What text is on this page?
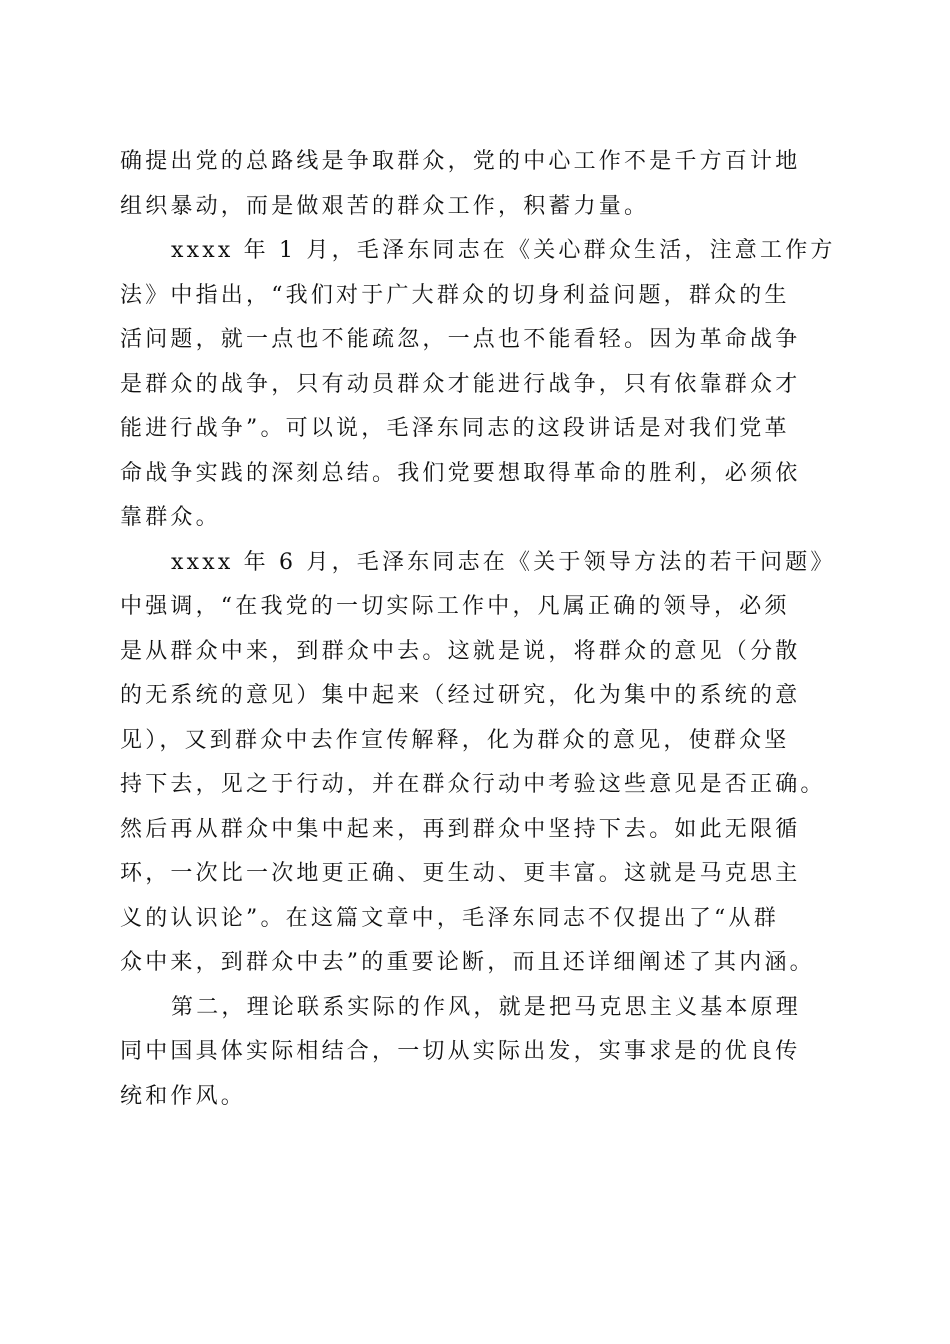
确提出党的总路线是争取群众，党的中心工作不是千方百计地
组织暴动，而是做艰苦的群众工作，积蓄力量。
xxxx 年 1 月，毛泽东同志在《关心群众生活，注意工作方
法》中指出，“我们对于广大群众的切身利益问题，群众的生
活问题，就一点也不能疏忽，一点也不能看轻。因为革命战争
是群众的战争，只有动员群众才能进行战争，只有依靠群众才
能进行战争”。可以说，毛泽东同志的这段讲话是对我们党革
命战争实践的深刻总结。我们党要想取得革命的胜利，必须依
靠群众。
xxxx 年 6 月，毛泽东同志在《关于领导方法的若干问题》
中强调，“在我党的一切实际工作中，凡属正确的领导，必须
是从群众中来，到群众中去。这就是说，将群众的意见（分散
的无系统的意见）集中起来（经过研究，化为集中的系统的意
见），又到群众中去作宣传解释，化为群众的意见，使群众坚
持下去，见之于行动，并在群众行动中考验这些意见是否正确。
然后再从群众中集中起来，再到群众中坚持下去。如此无限循
环，一次比一次地更正确、更生动、更丰富。这就是马克思主
义的认识论”。在这篇文章中，毛泽东同志不仅提出了“从群
众中来，到群众中去”的重要论断，而且还详细阐述了其内涵。
第二，理论联系实际的作风，就是把马克思主义基本原理
同中国具体实际相结合，一切从实际出发，实事求是的优良传
统和作风。
